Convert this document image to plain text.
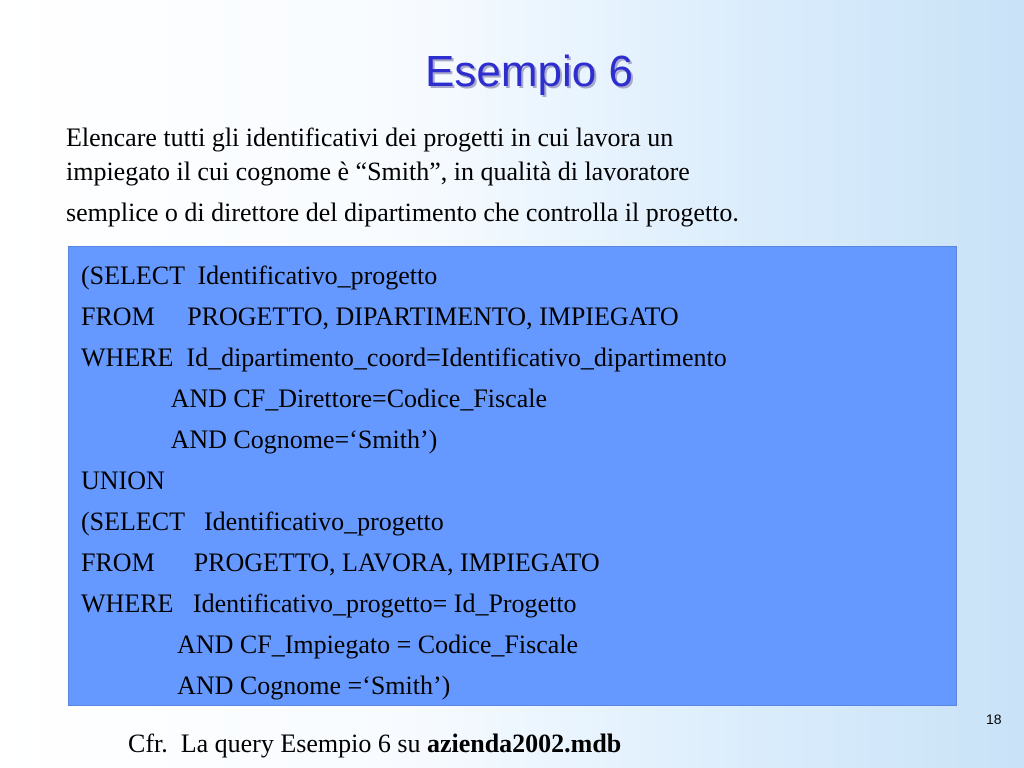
Esempio 6

Elencare tutti gli identificativi dei progetti in cui lavora un

impiegato il cui cognome è “Smith”, in qualità di lavoratore

semplice o di direttore del dipartimento che controlla il progetto.

(SELECT  Identificativo_progetto
FROM     PROGETTO, DIPARTIMENTO, IMPIEGATO
WHERE  Id_dipartimento_coord=Identificativo_dipartimento
AND CF_Direttore=Codice_Fiscale
AND Cognome=‘Smith’)
UNION
(SELECT   Identificativo_progetto
FROM      PROGETTO, LAVORA, IMPIEGATO
WHERE   Identificativo_progetto= Id_Progetto
AND CF_Impiegato = Codice_Fiscale
AND Cognome =‘Smith’)
18
Cfr.  La query Esempio 6 su azienda2002.mdb
